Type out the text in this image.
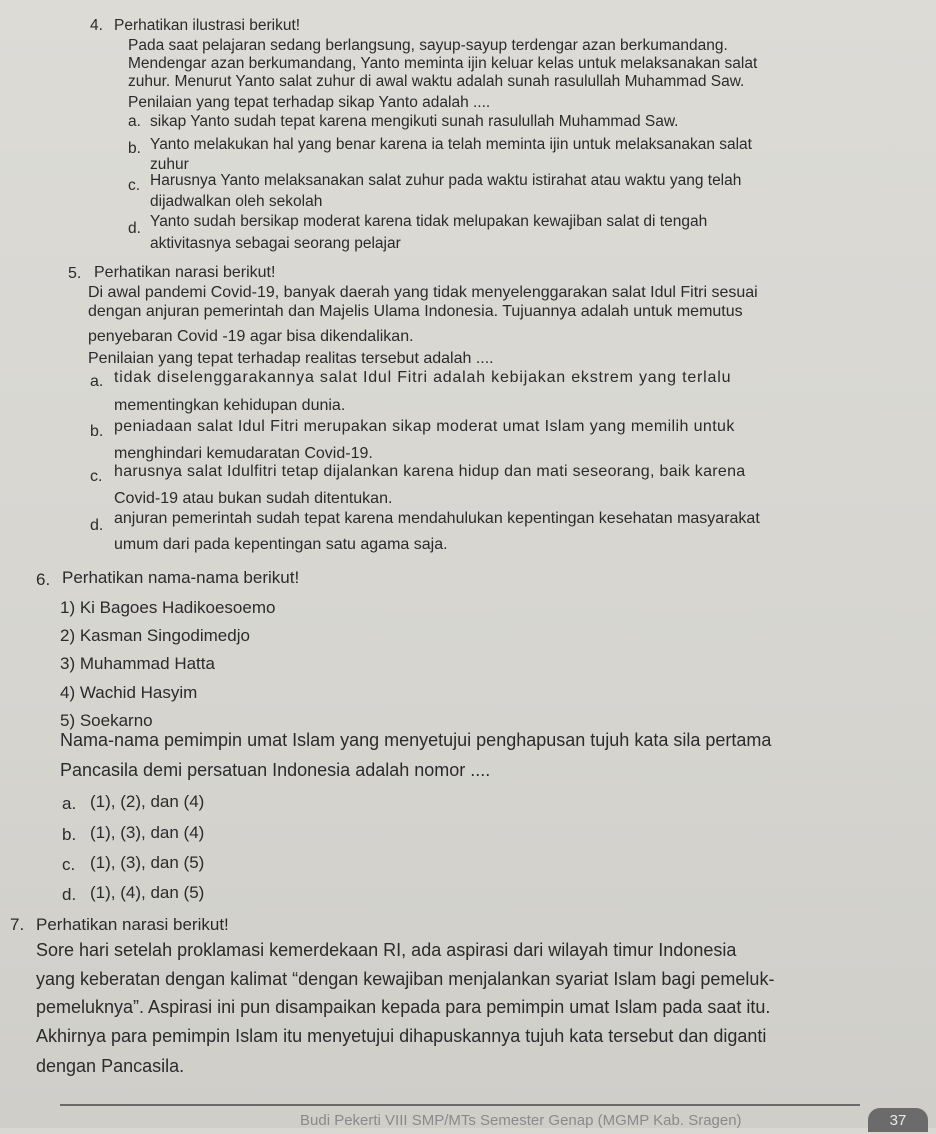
4. Perhatikan ilustrasi berikut!
Pada saat pelajaran sedang berlangsung, sayup-sayup terdengar azan berkumandang.
Mendengar azan berkumandang, Yanto meminta ijin keluar kelas untuk melaksanakan salat
zuhur. Menurut Yanto salat zuhur di awal waktu adalah sunah rasulullah Muhammad Saw.
Penilaian yang tepat terhadap sikap Yanto adalah ....
a. sikap Yanto sudah tepat karena mengikuti sunah rasulullah Muhammad Saw.
b. Yanto melakukan hal yang benar karena ia telah meminta ijin untuk melaksanakan salat
zuhur
c. Harusnya Yanto melaksanakan salat zuhur pada waktu istirahat atau waktu yang telah
dijadwalkan oleh sekolah
d. Yanto sudah bersikap moderat karena tidak melupakan kewajiban salat di tengah
aktivitasnya sebagai seorang pelajar
5. Perhatikan narasi berikut!
Di awal pandemi Covid-19, banyak daerah yang tidak menyelenggarakan salat Idul Fitri sesuai
dengan anjuran pemerintah dan Majelis Ulama Indonesia. Tujuannya adalah untuk memutus
penyebaran Covid -19 agar bisa dikendalikan.
Penilaian yang tepat terhadap realitas tersebut adalah ....
a. tidak diselenggarakannya salat Idul Fitri adalah kebijakan ekstrem yang terlalu
mementingkan kehidupan dunia.
b. peniadaan salat Idul Fitri merupakan sikap moderat umat Islam yang memilih untuk
menghindari kemudaratan Covid-19.
c. harusnya salat Idulfitri tetap dijalankan karena hidup dan mati seseorang, baik karena
Covid-19 atau bukan sudah ditentukan.
d. anjuran pemerintah sudah tepat karena mendahulukan kepentingan kesehatan masyarakat
umum dari pada kepentingan satu agama saja.
6. Perhatikan nama-nama berikut!
1) Ki Bagoes Hadikoesoemo
2) Kasman Singodimedjo
3) Muhammad Hatta
4) Wachid Hasyim
5) Soekarno
Nama-nama pemimpin umat Islam yang menyetujui penghapusan tujuh kata sila pertama
Pancasila demi persatuan Indonesia adalah nomor ....
a. (1), (2), dan (4)
b. (1), (3), dan (4)
c. (1), (3), dan (5)
d. (1), (4), dan (5)
7. Perhatikan narasi berikut!
Sore hari setelah proklamasi kemerdekaan RI, ada aspirasi dari wilayah timur Indonesia
yang keberatan dengan kalimat “dengan kewajiban menjalankan syariat Islam bagi pemeluk-
pemeluknya”. Aspirasi ini pun disampaikan kepada para pemimpin umat Islam pada saat itu.
Akhirnya para pemimpin Islam itu menyetujui dihapuskannya tujuh kata tersebut dan diganti
dengan Pancasila.
Budi Pekerti VIII SMP/MTs Semester Genap (MGMP Kab. Sragen)	37
